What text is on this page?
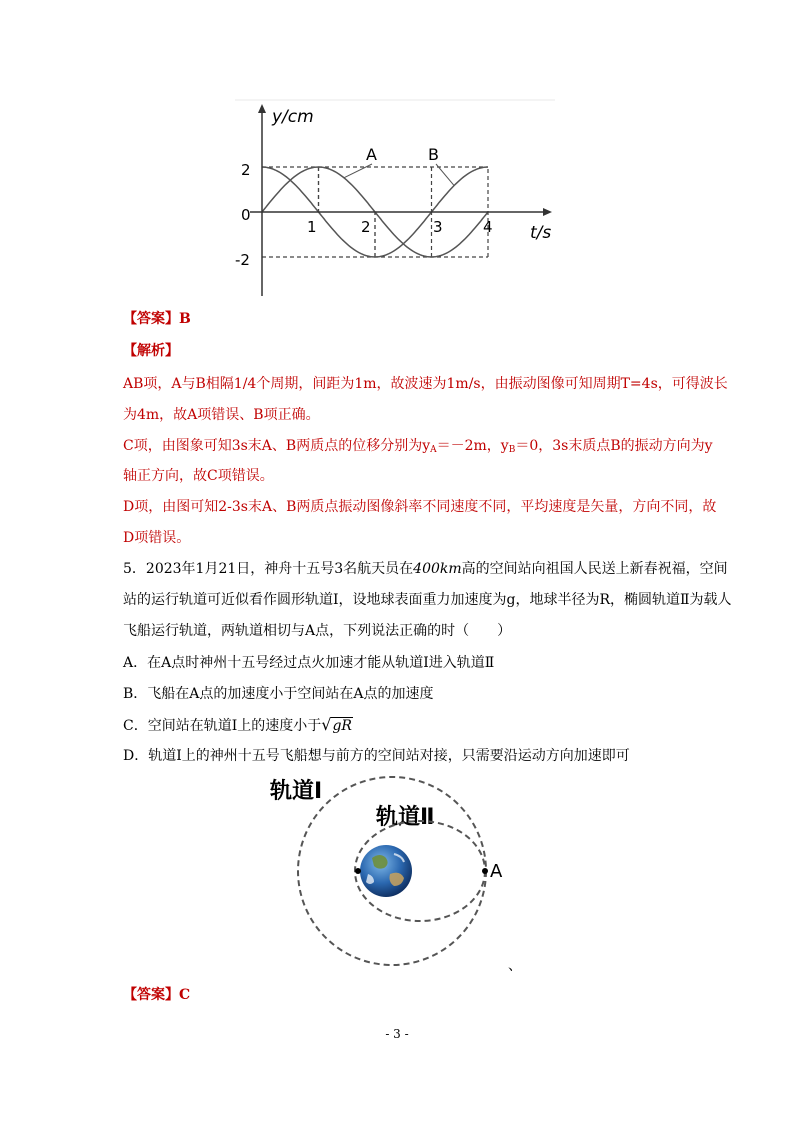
y/cm
t/s
2
0
-2
1	2	3	4
A	B
【答案】B
【解析】
AB项，A与B相隔1/4个周期，间距为1m，故波速为1m/s，由振动图像可知周期T=4s，可得波长
为4m，故A项错误、B项正确。
C项，由图象可知3s末A、B两质点的位移分别为$y_A=-2m$，$y_B=0$，3s末质点B的振动方向为y
轴正方向，故C项错误。
D项，由图可知2-3s末A、B两质点振动图像斜率不同速度不同，平均速度是矢量，方向不同，故
D项错误。
5．2023年1月21日，神舟十五号3名航天员在400km高的空间站向祖国人民送上新春祝福，空间
站的运行轨道可近似看作圆形轨道Ⅰ，设地球表面重力加速度为g，地球半径为R，椭圆轨道Ⅱ为载人
飞船运行轨道，两轨道相切与A点，下列说法正确的时（　　）
A．在A点时神州十五号经过点火加速才能从轨道Ⅰ进入轨道Ⅱ
B．飞船在A点的加速度小于空间站在A点的加速度
C．空间站在轨道Ⅰ上的速度小于√gR
D．轨道Ⅰ上的神州十五号飞船想与前方的空间站对接，只需要沿运动方向加速即可
轨道Ⅰ
轨道Ⅱ
A
、
【答案】C
- 3 -
